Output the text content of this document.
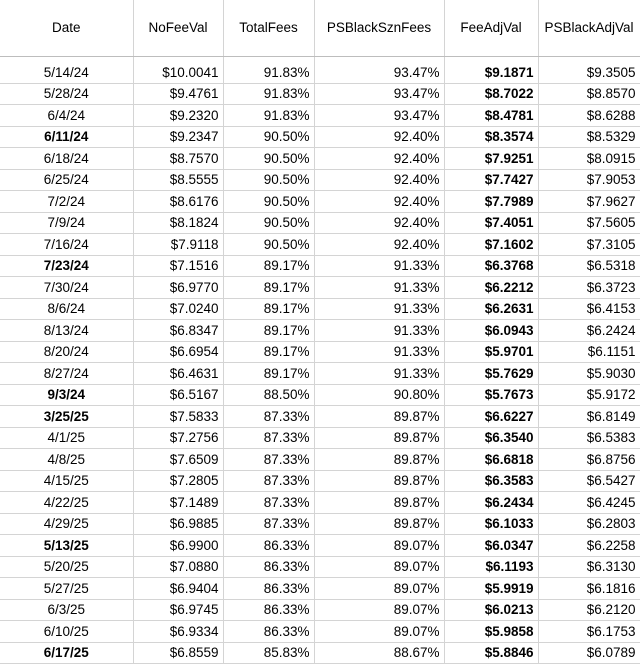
Date	NoFeeVal	TotalFees	PSBlackSznFees	FeeAdjVal	PSBlackAdjVal

5/14/24	$10.0041	91.83%	93.47%	$9.1871	$9.3505
5/28/24	$9.4761	91.83%	93.47%	$8.7022	$8.8570
6/4/24	$9.2320	91.83%	93.47%	$8.4781	$8.6288
6/11/24	$9.2347	90.50%	92.40%	$8.3574	$8.5329
6/18/24	$8.7570	90.50%	92.40%	$7.9251	$8.0915
6/25/24	$8.5555	90.50%	92.40%	$7.7427	$7.9053
7/2/24	$8.6176	90.50%	92.40%	$7.7989	$7.9627
7/9/24	$8.1824	90.50%	92.40%	$7.4051	$7.5605
7/16/24	$7.9118	90.50%	92.40%	$7.1602	$7.3105
7/23/24	$7.1516	89.17%	91.33%	$6.3768	$6.5318
7/30/24	$6.9770	89.17%	91.33%	$6.2212	$6.3723
8/6/24	$7.0240	89.17%	91.33%	$6.2631	$6.4153
8/13/24	$6.8347	89.17%	91.33%	$6.0943	$6.2424
8/20/24	$6.6954	89.17%	91.33%	$5.9701	$6.1151
8/27/24	$6.4631	89.17%	91.33%	$5.7629	$5.9030
9/3/24	$6.5167	88.50%	90.80%	$5.7673	$5.9172
3/25/25	$7.5833	87.33%	89.87%	$6.6227	$6.8149
4/1/25	$7.2756	87.33%	89.87%	$6.3540	$6.5383
4/8/25	$7.6509	87.33%	89.87%	$6.6818	$6.8756
4/15/25	$7.2805	87.33%	89.87%	$6.3583	$6.5427
4/22/25	$7.1489	87.33%	89.87%	$6.2434	$6.4245
4/29/25	$6.9885	87.33%	89.87%	$6.1033	$6.2803
5/13/25	$6.9900	86.33%	89.07%	$6.0347	$6.2258
5/20/25	$7.0880	86.33%	89.07%	$6.1193	$6.3130
5/27/25	$6.9404	86.33%	89.07%	$5.9919	$6.1816
6/3/25	$6.9745	86.33%	89.07%	$6.0213	$6.2120
6/10/25	$6.9334	86.33%	89.07%	$5.9858	$6.1753
6/17/25	$6.8559	85.83%	88.67%	$5.8846	$6.0789
